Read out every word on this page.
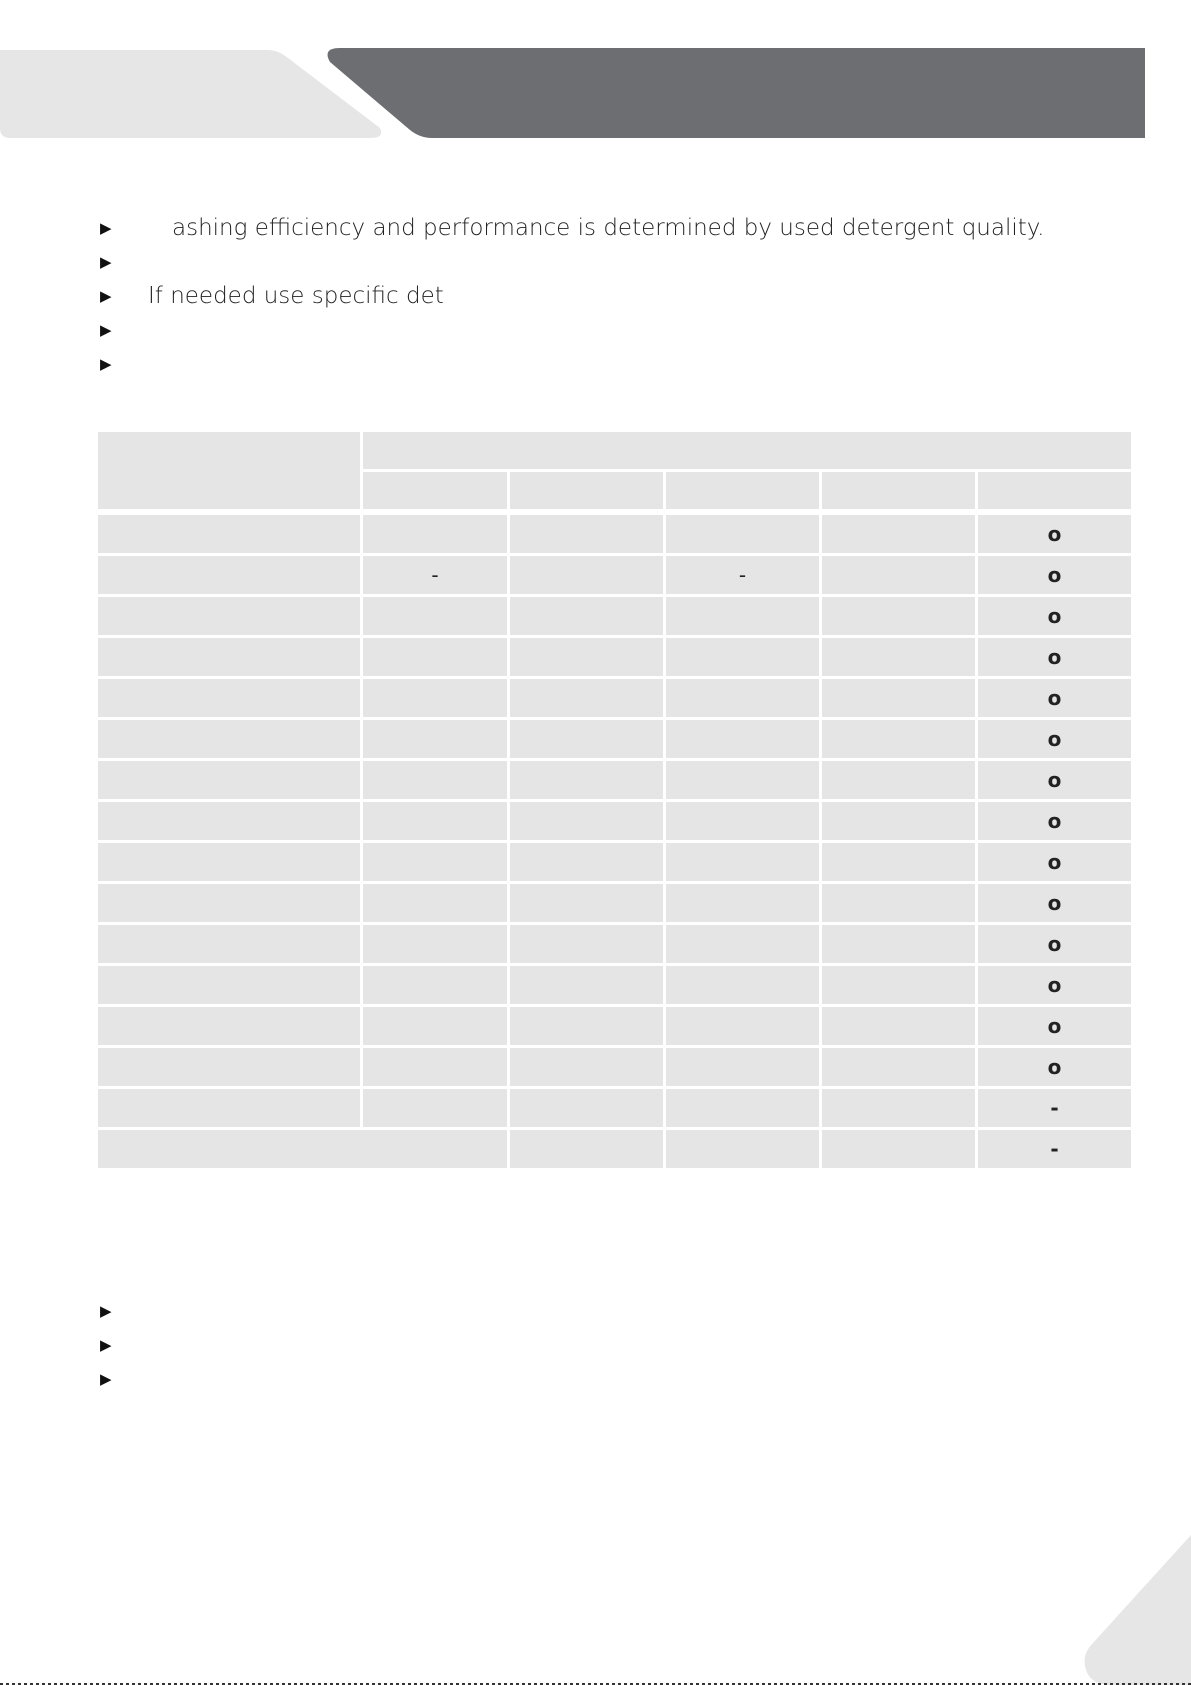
▶	ashing efficiency and performance is determined by used detergent quality.
▶
▶ If needed use specific det
▶
▶
o
o
o
o
o
o
o
o
o
o
o
o
o
o
-
-
-	-
▶
▶
▶
